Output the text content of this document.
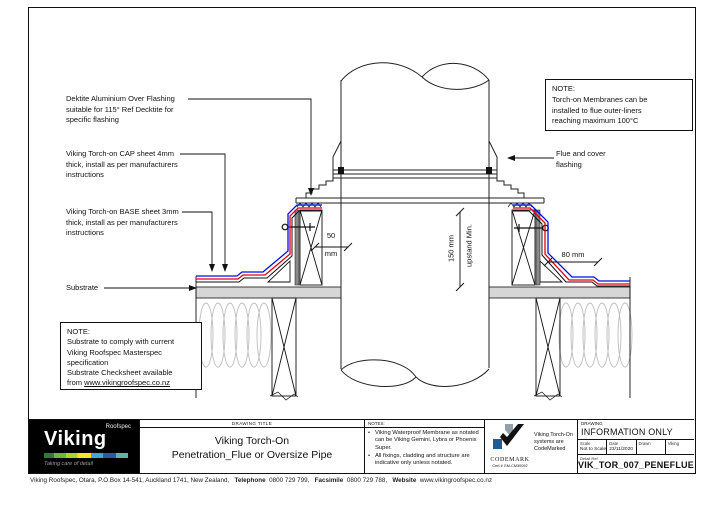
Dektite Aluminium Over Flashing
suitable for 115° Ref Decktite for
specific flashing
Viking Torch-on CAP sheet 4mm
thick, install as per manufacturers
instructions
Viking Torch-on BASE sheet 3mm
thick, install as per manufacturers
instructions
Substrate
Flue and cover
flashing
50
mm	80 mm
150 mm upstand Min.
NOTE:
Torch-on Membranes can be
installed to flue outer-liners
reaching maximum 100°C
NOTE:
Substrate to comply with current
Viking Roofspec Masterspec
specification
Substrate Checksheet available
from www.vikingroofspec.co.nz
Roofspec
Viking
Taking care of detail
DRAWING TITLE
Viking Torch-On
Penetration_Flue or Oversize Pipe
NOTES:
• Viking Waterproof Membrane as notated can be Viking Gemini, Lybra or Phoenix Super.
• All fixings, cladding and structure are indicative only unless notated.
CODEMARK
Cert # GM-CM30092
Viking Torch-On
systems are
CodeMarked
DRAWING
INFORMATION ONLY
Scale
Not to Scale
Date
23/11/2020
Drawn	Viking
Detail Ref
VIK_TOR_007_PENEFLUE
Viking Roofspec, Otara, P.O.Box 14-541, Auckland 1741, New Zealand, Telephone 0800 729 799, Facsimile 0800 729 788, Website www.vikingroofspec.co.nz
